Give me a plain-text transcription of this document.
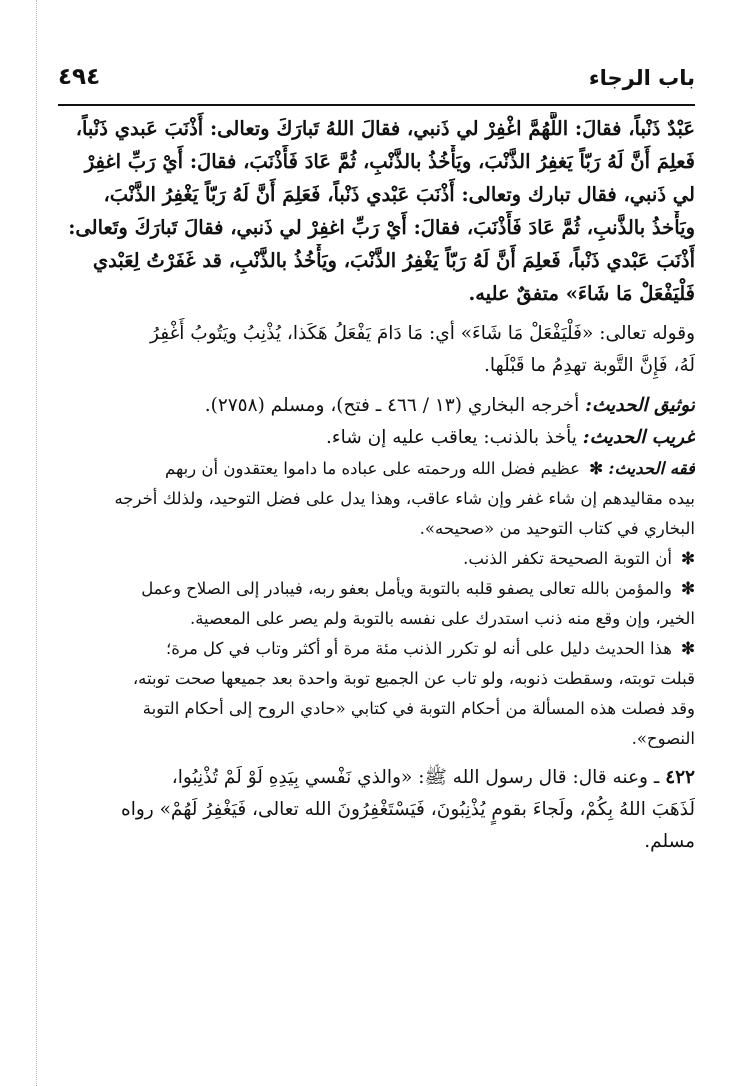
باب الرجاء
٤٩٤

عَبْدٌ ذَنْباً، فقالَ: اللَّهُمَّ اغْفِرْ لي ذَنبي، فقالَ اللهُ تَبارَكَ وتعالى: أَذْنَبَ عَبدي ذَنْباً،

فَعلِمَ أَنَّ لَهُ رَبّاً يَغفِرُ الذَّنْبَ، ويَأْخُذُ بالذَّنْبِ، ثُمَّ عَادَ فَأَذْنَبَ، فقالَ: أَيْ رَبِّ اغفِرْ

لي ذَنبي، فقال تبارك وتعالى: أَذْنَبَ عَبْدي ذَنْباً، فَعَلِمَ أَنَّ لَهُ رَبّاً يَغْفِرُ الذَّنْبَ،

ويَأْخذُ بالذَّنبِ، ثُمَّ عَادَ فَأَذْنَبَ، فقالَ: أَيْ رَبِّ اغفِرْ لي ذَنبي، فقالَ تَبارَكَ وتَعالى:

أَذْنَبَ عَبْدي ذَنْباً، فَعلِمَ أَنَّ لَهُ رَبّاً يَغْفِرُ الذَّنْبَ، ويَأْخُذُ بالذَّنْبِ، قد غَفَرْتُ لِعَبْدي

فَلْيَفْعَلْ مَا شَاءَ» متفقٌ عليه.

وقوله تعالى: «فَلْيَفْعَلْ مَا شَاءَ» أي: مَا دَامَ يَفْعَلُ هَكَذا، يُذْنِبُ ويَتُوبُ أَغْفِرُ

لَهُ، فَإِنَّ التَّوبة تهدِمُ ما قَبْلَها.

توثيق الحديث: أخرجه البخاري (١٣ / ٤٦٦ ـ فتح)، ومسلم (٢٧٥٨).

غريب الحديث: يأخذ بالذنب: يعاقب عليه إن شاء.

فقه الحديث: ✻ عظيم فضل الله ورحمته على عباده ما داموا يعتقدون أن ربهم

بيده مقاليدهم إن شاء غفر وإن شاء عاقب، وهذا يدل على فضل التوحيد، ولذلك أخرجه

البخاري في كتاب التوحيد من «صحيحه».

✻ أن التوبة الصحيحة تكفر الذنب.

✻ والمؤمن بالله تعالى يصفو قلبه بالتوبة ويأمل بعفو ربه، فيبادر إلى الصلاح وعمل

الخير، وإن وقع منه ذنب استدرك على نفسه بالتوبة ولم يصر على المعصية.

✻ هذا الحديث دليل على أنه لو تكرر الذنب مئة مرة أو أكثر وتاب في كل مرة؛

قبلت توبته، وسقطت ذنوبه، ولو تاب عن الجميع توبة واحدة بعد جميعها صحت توبته،

وقد فصلت هذه المسألة من أحكام التوبة في كتابي «حادي الروح إلى أحكام التوبة

النصوح».

٤٢٢ ـ وعنه قال: قال رسول الله ﷺ: «والذي نَفْسي بِيَدِهِ لَوْ لَمْ تُذْنِبُوا،

لَذَهَبَ اللهُ بِكُمْ، ولَجاءَ بقومٍ يُذْنِبُونَ، فَيَسْتَغْفِرُونَ الله تعالى، فَيَغْفِرُ لَهُمْ» رواه

مسلم.
